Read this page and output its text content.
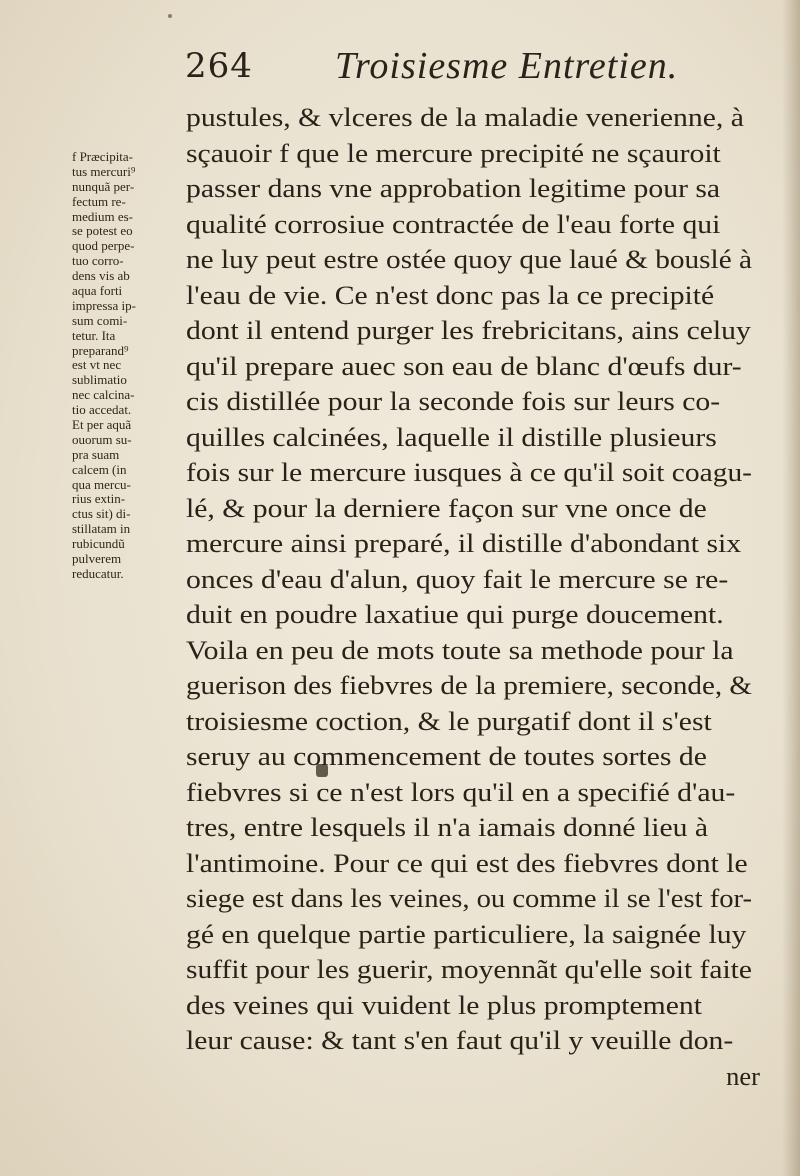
264 Troisiesme Entretien.
f Præcipita-
tus mercuri⁹
nunquã per-
fectum re-
medium es-
se potest eo
quod perpe-
tuo corro-
dens vis ab
aqua forti
impressa ip-
sum comi-
tetur. Ita
preparand⁹
est vt nec
sublimatio
nec calcina-
tio accedat.
Et per aquã
ouorum su-
pra suam
calcem (in
qua mercu-
rius extin-
ctus sit) di-
stillatam in
rubicundũ
pulverem
reducatur.
pustules, & vlceres de la maladie venerienne, à
sçauoir f que le mercure precipité ne sçauroit
passer dans vne approbation legitime pour sa
qualité corrosiue contractée de l'eau forte qui
ne luy peut estre ostée quoy que laué & bouslé à
l'eau de vie. Ce n'est donc pas la ce precipité
dont il entend purger les frebricitans, ains celuy
qu'il prepare auec son eau de blanc d'œufs dur-
cis distillée pour la seconde fois sur leurs co-
quilles calcinées, laquelle il distille plusieurs
fois sur le mercure iusques à ce qu'il soit coagu-
lé, & pour la derniere façon sur vne once de
mercure ainsi preparé, il distille d'abondant six
onces d'eau d'alun, quoy fait le mercure se re-
duit en poudre laxatiue qui purge doucement.
Voila en peu de mots toute sa methode pour la
guerison des fiebvres de la premiere, seconde, &
troisiesme coction, & le purgatif dont il s'est
seruy au commencement de toutes sortes de
fiebvres si ce n'est lors qu'il en a specifié d'au-
tres, entre lesquels il n'a iamais donné lieu à
l'antimoine. Pour ce qui est des fiebvres dont le
siege est dans les veines, ou comme il se l'est for-
gé en quelque partie particuliere, la saignée luy
suffit pour les guerir, moyennãt qu'elle soit faite
des veines qui vuident le plus promptement
leur cause: & tant s'en faut qu'il y veuille don-
ner
